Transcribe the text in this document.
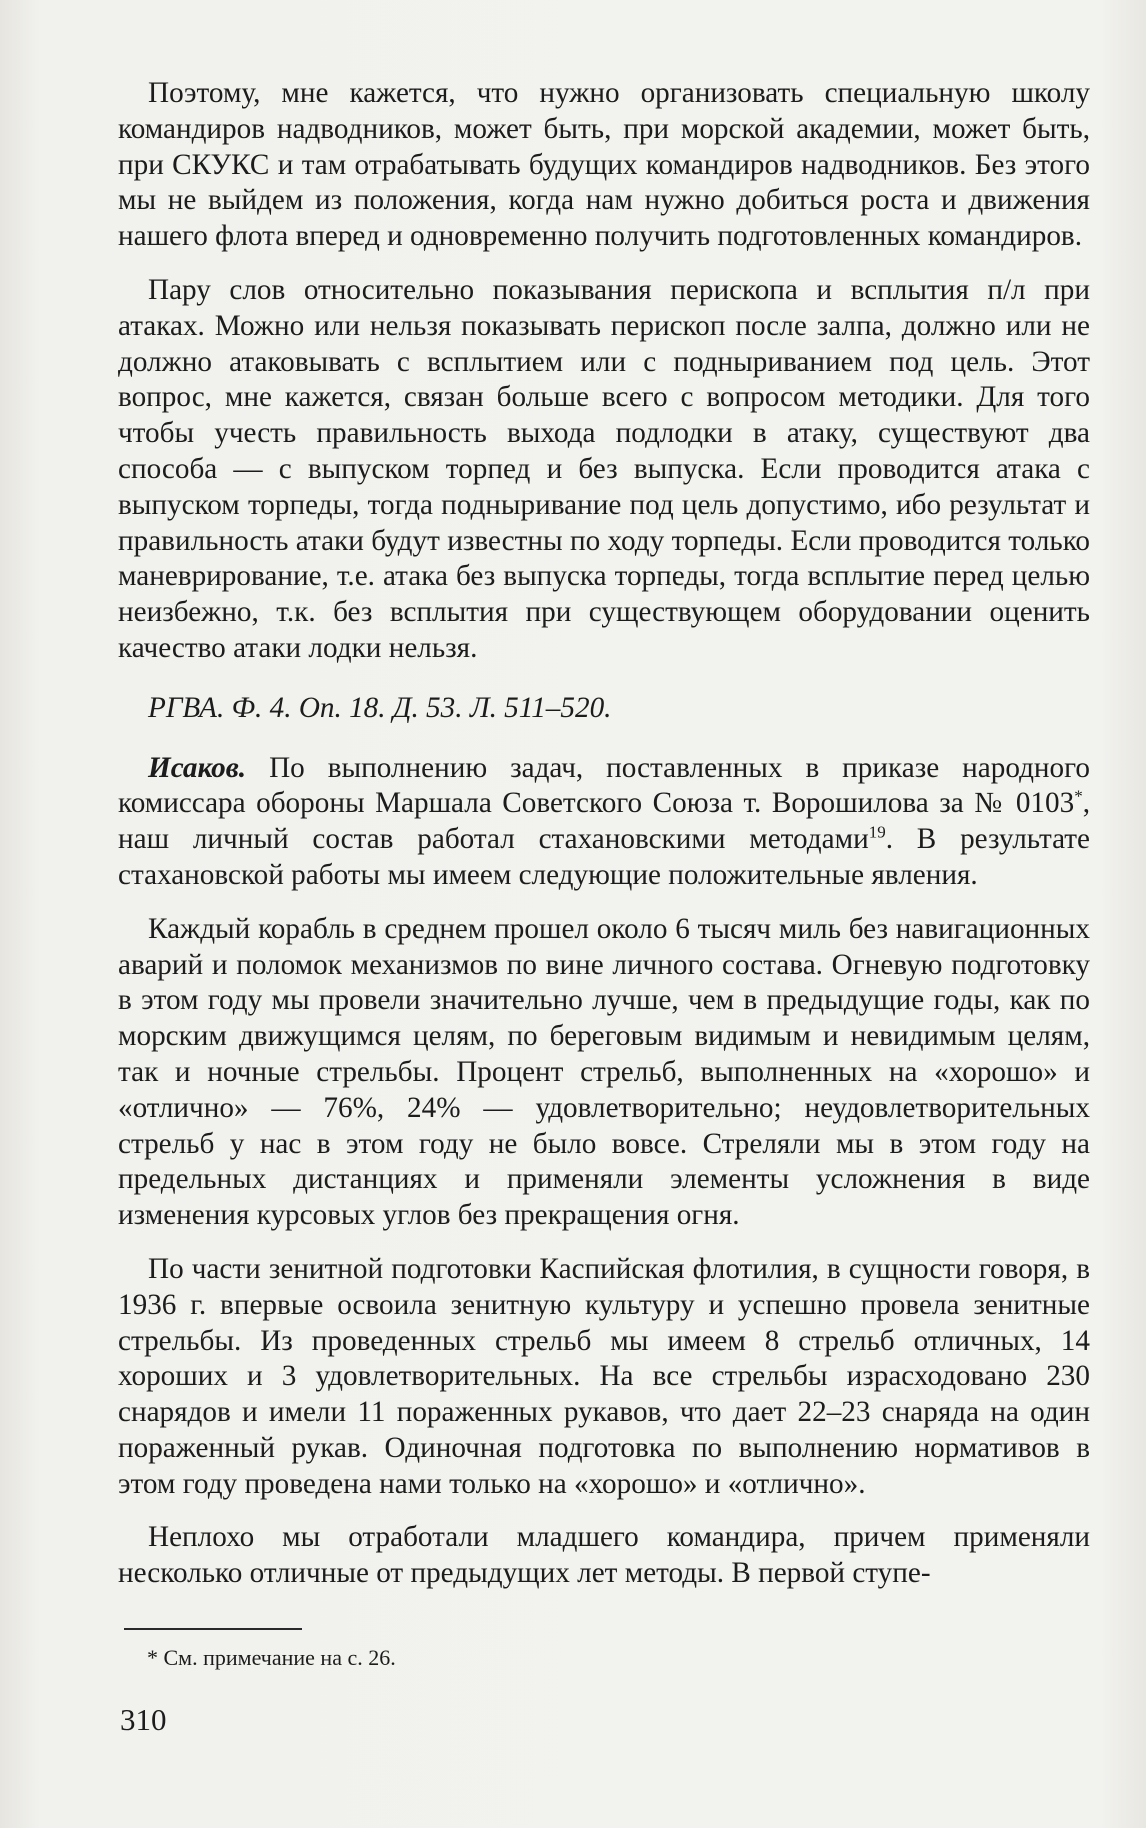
Поэтому, мне кажется, что нужно организовать специальную школу командиров надводников, может быть, при морской академии, может быть, при СКУКС и там отрабатывать будущих командиров надводников. Без этого мы не выйдем из положения, когда нам нужно добиться роста и движения нашего флота вперед и одновременно получить подготовленных командиров.

Пару слов относительно показывания перископа и всплытия п/л при атаках. Можно или нельзя показывать перископ после залпа, должно или не должно атаковывать с всплытием или с подныриванием под цель. Этот вопрос, мне кажется, связан больше всего с вопросом методики. Для того чтобы учесть правильность выхода подлодки в атаку, существуют два способа — с выпуском торпед и без выпуска. Если проводится атака с выпуском торпеды, тогда подныривание под цель допустимо, ибо результат и правильность атаки будут известны по ходу торпеды. Если проводится только маневрирование, т.е. атака без выпуска торпеды, тогда всплытие перед целью неизбежно, т.к. без всплытия при существующем оборудовании оценить качество атаки лодки нельзя.

РГВА. Ф. 4. Оп. 18. Д. 53. Л. 511–520.

Исаков. По выполнению задач, поставленных в приказе народного комиссара обороны Маршала Советского Союза т. Ворошилова за № 0103*, наш личный состав работал стахановскими методами$^{19}$. В результате стахановской работы мы имеем следующие положительные явления.

Каждый корабль в среднем прошел около 6 тысяч миль без навигационных аварий и поломок механизмов по вине личного состава. Огневую подготовку в этом году мы провели значительно лучше, чем в предыдущие годы, как по морским движущимся целям, по береговым видимым и невидимым целям, так и ночные стрельбы. Процент стрельб, выполненных на «хорошо» и «отлично» — 76%, 24% — удовлетворительно; неудовлетворительных стрельб у нас в этом году не было вовсе. Стреляли мы в этом году на предельных дистанциях и применяли элементы усложнения в виде изменения курсовых углов без прекращения огня.

По части зенитной подготовки Каспийская флотилия, в сущности говоря, в 1936 г. впервые освоила зенитную культуру и успешно провела зенитные стрельбы. Из проведенных стрельб мы имеем 8 стрельб отличных, 14 хороших и 3 удовлетворительных. На все стрельбы израсходовано 230 снарядов и имели 11 пораженных рукавов, что дает 22–23 снаряда на один пораженный рукав. Одиночная подготовка по выполнению нормативов в этом году проведена нами только на «хорошо» и «отлично».

Неплохо мы отработали младшего командира, причем применяли несколько отличные от предыдущих лет методы. В первой ступе-

* См. примечание на с. 26.
310
